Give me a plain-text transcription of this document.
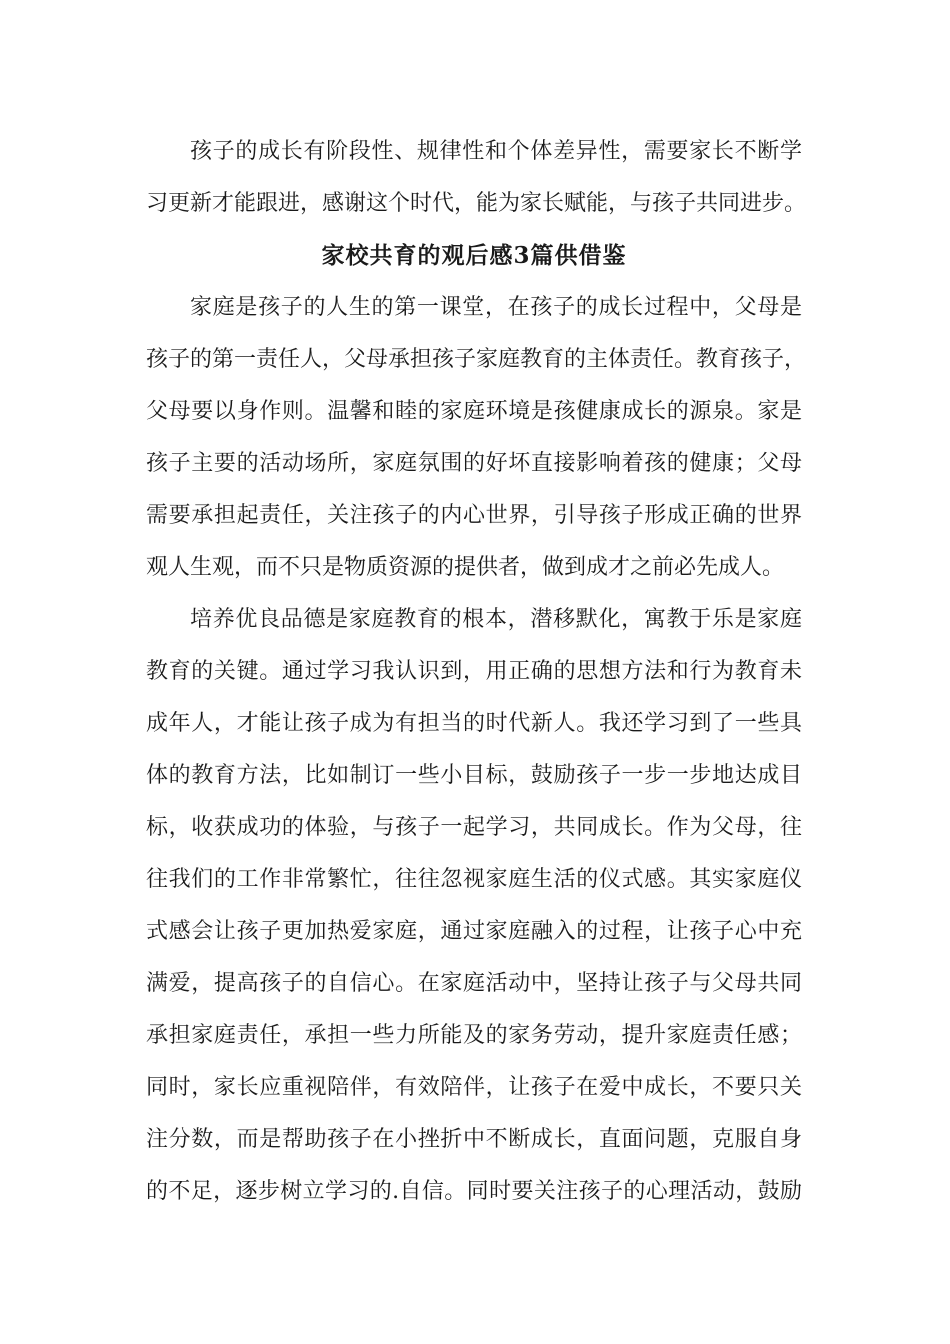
孩子的成长有阶段性、规律性和个体差异性，需要家长不断学
习更新才能跟进，感谢这个时代，能为家长赋能，与孩子共同进步。
家校共育的观后感3篇供借鉴
家庭是孩子的人生的第一课堂，在孩子的成长过程中，父母是
孩子的第一责任人，父母承担孩子家庭教育的主体责任。教育孩子，
父母要以身作则。温馨和睦的家庭环境是孩健康成长的源泉。家是
孩子主要的活动场所，家庭氛围的好坏直接影响着孩的健康；父母
需要承担起责任，关注孩子的内心世界，引导孩子形成正确的世界
观人生观，而不只是物质资源的提供者，做到成才之前必先成人。
培养优良品德是家庭教育的根本，潜移默化，寓教于乐是家庭
教育的关键。通过学习我认识到，用正确的思想方法和行为教育未
成年人，才能让孩子成为有担当的时代新人。我还学习到了一些具
体的教育方法，比如制订一些小目标，鼓励孩子一步一步地达成目
标，收获成功的体验，与孩子一起学习，共同成长。作为父母，往
往我们的工作非常繁忙，往往忽视家庭生活的仪式感。其实家庭仪
式感会让孩子更加热爱家庭，通过家庭融入的过程，让孩子心中充
满爱，提高孩子的自信心。在家庭活动中，坚持让孩子与父母共同
承担家庭责任，承担一些力所能及的家务劳动，提升家庭责任感；
同时，家长应重视陪伴，有效陪伴，让孩子在爱中成长，不要只关
注分数，而是帮助孩子在小挫折中不断成长，直面问题，克服自身
的不足，逐步树立学习的.自信。同时要关注孩子的心理活动，鼓励
